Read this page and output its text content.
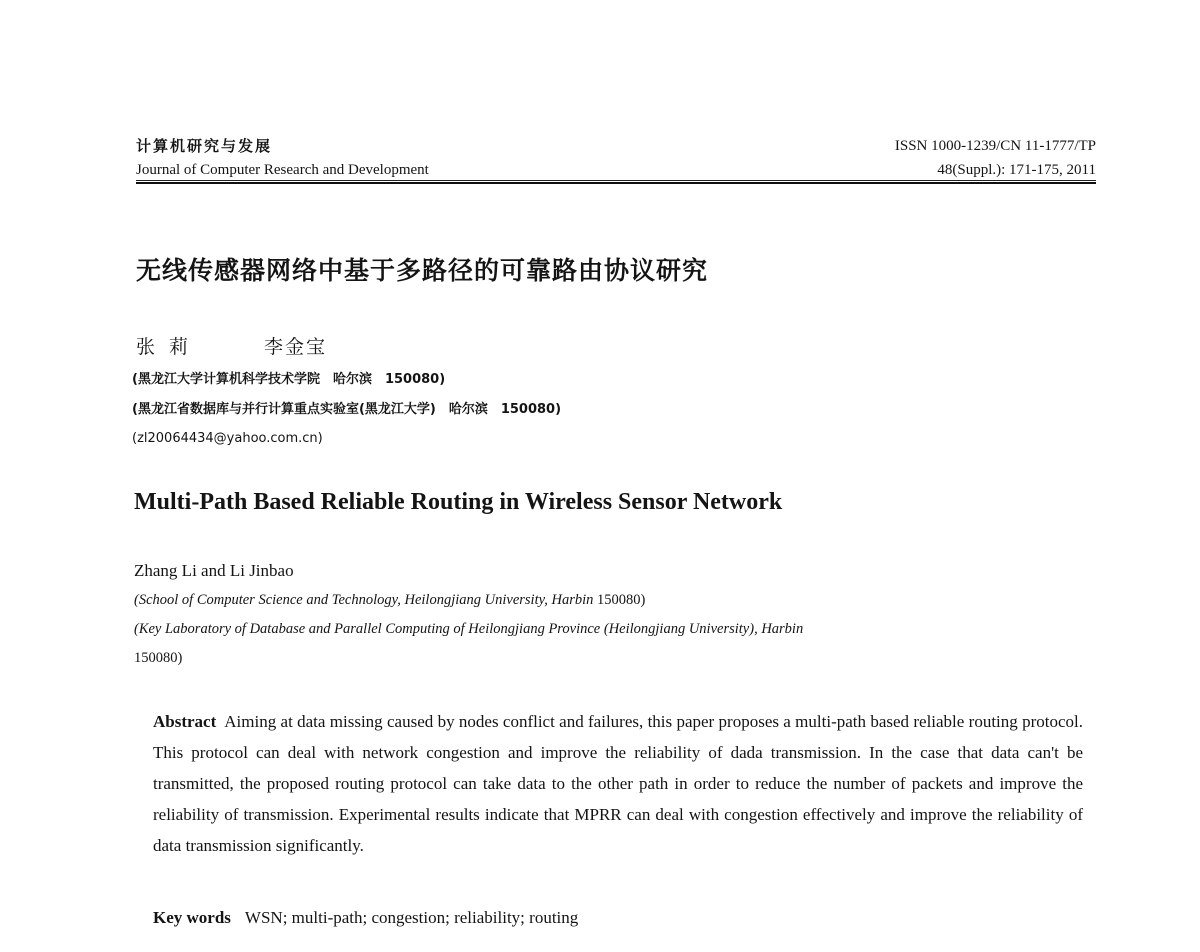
计算机研究与发展
Journal of Computer Research and Development
ISSN 1000-1239/CN 11-1777/TP
48(Suppl.): 171-175, 2011
无线传感器网络中基于多路径的可靠路由协议研究
张莉	李金宝
(黑龙江大学计算机科学技术学院　哈尔滨　150080)
(黑龙江省数据库与并行计算重点实验室(黑龙江大学)　哈尔滨　150080)
(zl20064434@yahoo.com.cn)
Multi-Path Based Reliable Routing in Wireless Sensor Network
Zhang Li and Li Jinbao
(School of Computer Science and Technology, Heilongjiang University, Harbin 150080)
(Key Laboratory of Database and Parallel Computing of Heilongjiang Province (Heilongjiang University), Harbin
150080)
Abstract Aiming at data missing caused by nodes conflict and failures, this paper proposes a multi-path based reliable routing protocol. This protocol can deal with network congestion and improve the reliability of dada transmission. In the case that data can't be transmitted, the proposed routing protocol can take data to the other path in order to reduce the number of packets and improve the reliability of transmission. Experimental results indicate that MPRR can deal with congestion effectively and improve the reliability of data transmission significantly.
Key words WSN; multi-path; congestion; reliability; routing
